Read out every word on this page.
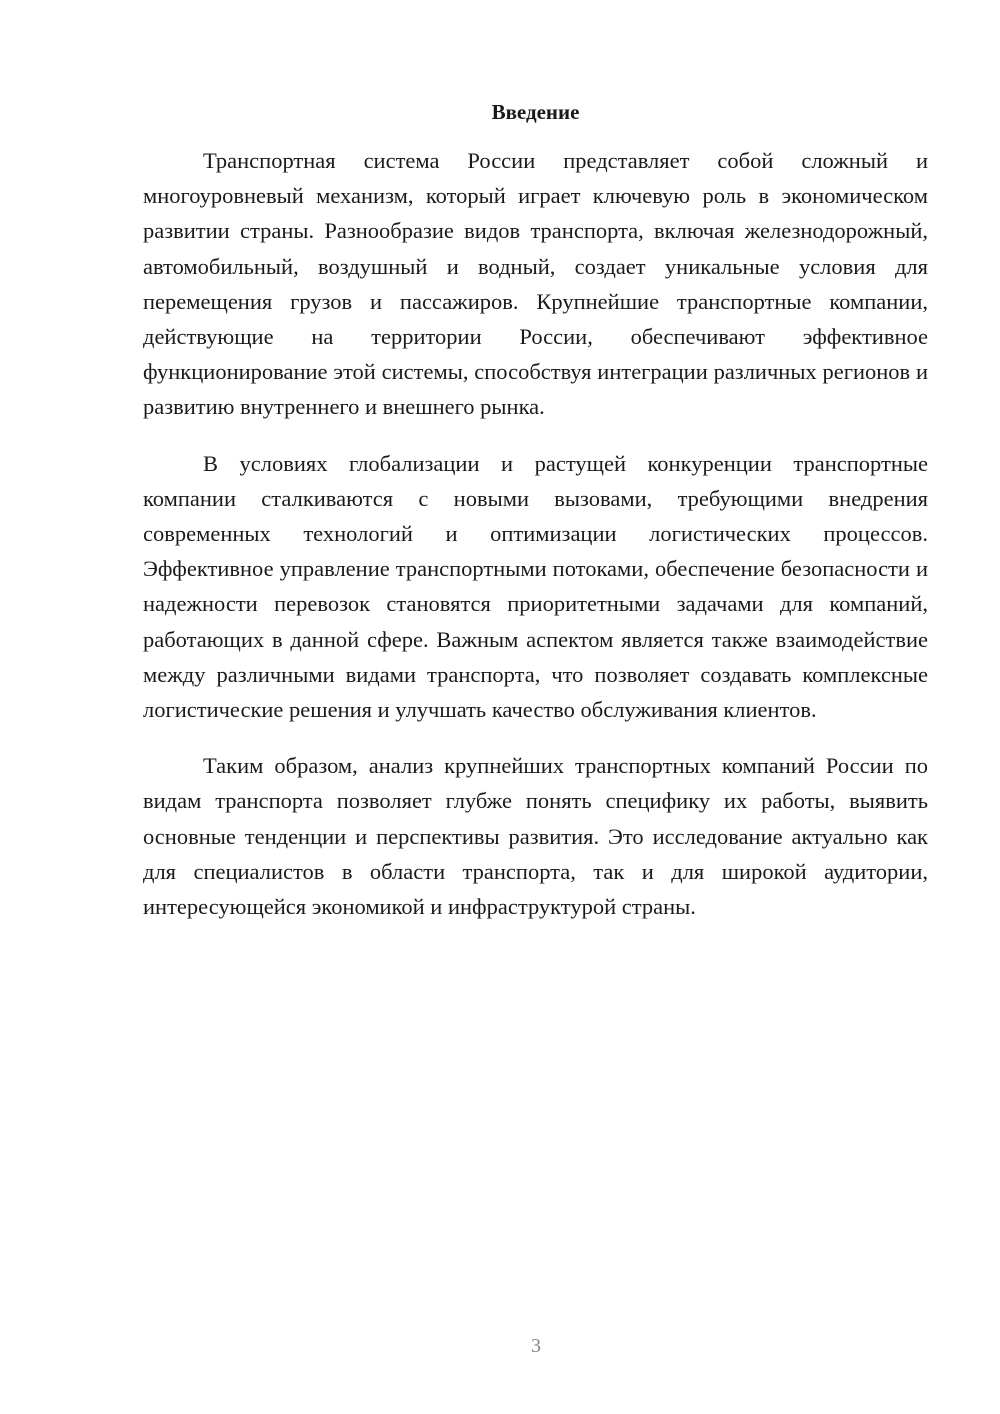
Введение

Транспортная система России представляет собой сложный и многоуровневый механизм, который играет ключевую роль в экономическом развитии страны. Разнообразие видов транспорта, включая железнодорожный, автомобильный, воздушный и водный, создает уникальные условия для перемещения грузов и пассажиров. Крупнейшие транспортные компании, действующие на территории России, обеспечивают эффективное функционирование этой системы, способствуя интеграции различных регионов и развитию внутреннего и внешнего рынка.

В условиях глобализации и растущей конкуренции транспортные компании сталкиваются с новыми вызовами, требующими внедрения современных технологий и оптимизации логистических процессов. Эффективное управление транспортными потоками, обеспечение безопасности и надежности перевозок становятся приоритетными задачами для компаний, работающих в данной сфере. Важным аспектом является также взаимодействие между различными видами транспорта, что позволяет создавать комплексные логистические решения и улучшать качество обслуживания клиентов.

Таким образом, анализ крупнейших транспортных компаний России по видам транспорта позволяет глубже понять специфику их работы, выявить основные тенденции и перспективы развития. Это исследование актуально как для специалистов в области транспорта, так и для широкой аудитории, интересующейся экономикой и инфраструктурой страны.

3
